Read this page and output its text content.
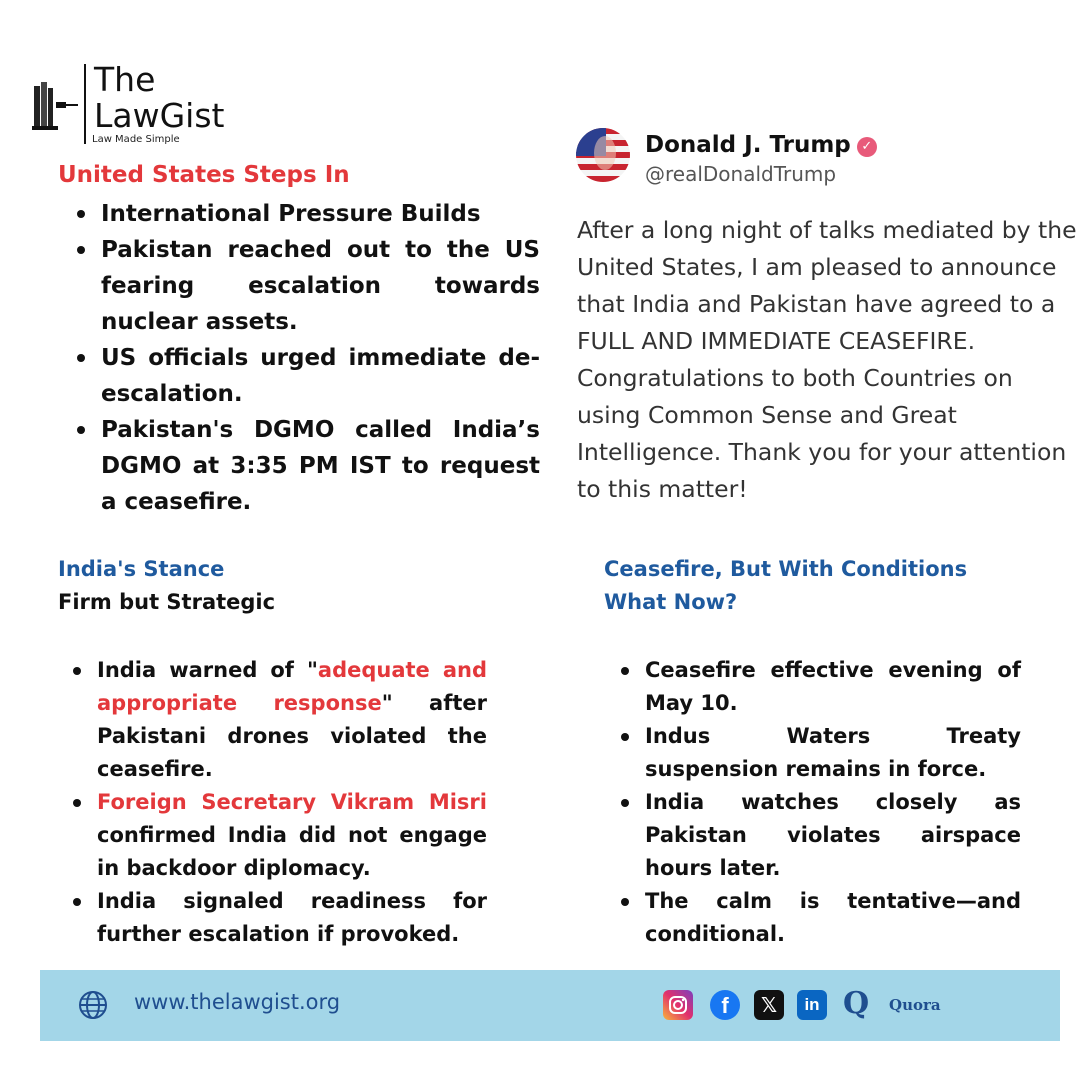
The
LawGist
Law Made Simple
United States Steps In
International Pressure Builds
Pakistan reached out to the US fearing escalation towards nuclear assets.
US officials urged immediate de-escalation.
Pakistan's DGMO called India’s DGMO at 3:35 PM IST to request a ceasefire.
Donald J. Trump ✓
@realDonaldTrump
After a long night of talks mediated by the United States, I am pleased to announce that India and Pakistan have agreed to a FULL AND IMMEDIATE CEASEFIRE. Congratulations to both Countries on using Common Sense and Great Intelligence. Thank you for your attention to this matter!
India's Stance
Firm but Strategic
India warned of "adequate and appropriate response" after Pakistani drones violated the ceasefire.
Foreign Secretary Vikram Misri confirmed India did not engage in backdoor diplomacy.
India signaled readiness for further escalation if provoked.
Ceasefire, But With Conditions
What Now?
Ceasefire effective evening of May 10.
Indus Waters Treaty suspension remains in force.
India watches closely as Pakistan violates airspace hours later.
The calm is tentative—and conditional.
www.thelawgist.org	f	𝕏	in Q Quora
